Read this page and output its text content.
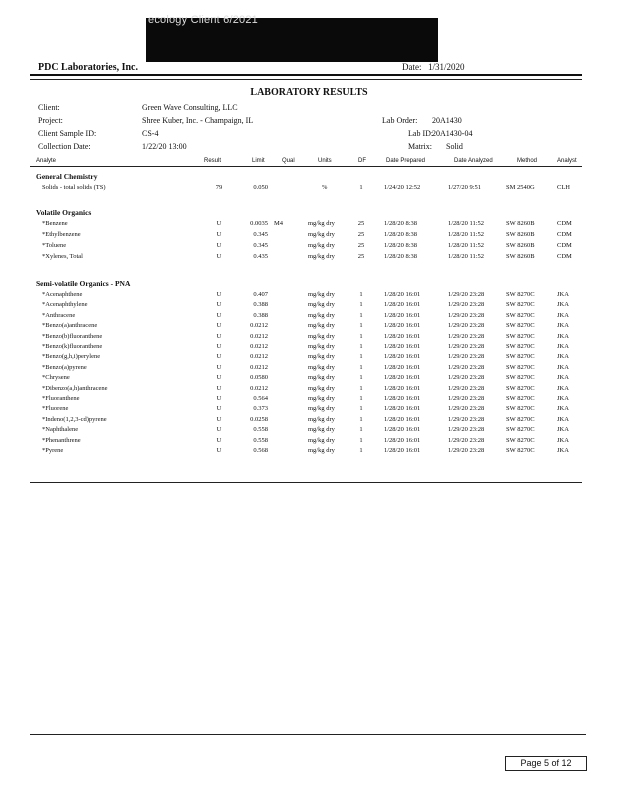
ecology Client 6/2021
PDC Laboratories, Inc.	Date: 1/31/2020
LABORATORY RESULTS
Client:	Green Wave Consulting, LLC
Project:	Shree Kuber, Inc. - Champaign, IL	Lab Order: 20A1430
Client Sample ID:	CS-4	Lab ID:
20A1430-04
Collection Date:	1/22/20 13:00	Matrix: Solid
Analyte	Result	Limit	Qual	Units	DF	Date Prepared	Date Analyzed	Method	Analyst
General Chemistry
Solids - total solids (TS)	79	0.050	%	1	1/24/20 12:52	1/27/20 9:51	SM 2540G	CLH
Volatile Organics
*Benzene	U	0.0035 M4	mg/kg dry	25	1/28/20 8:38	1/28/20 11:52	SW 8260B	CDM
*Ethylbenzene	U	0.345	mg/kg dry	25	1/28/20 8:38	1/28/20 11:52	SW 8260B	CDM
*Toluene	U	0.345	mg/kg dry	25	1/28/20 8:38	1/28/20 11:52	SW 8260B	CDM
*Xylenes, Total	U	0.435	mg/kg dry	25	1/28/20 8:38	1/28/20 11:52	SW 8260B	CDM
Semi-volatile Organics - PNA
*Acenaphthene	U	0.407	mg/kg dry	1	1/28/20 16:01	1/29/20 23:28	SW 8270C	JKA
*Acenaphthylene	U	0.388	mg/kg dry	1	1/28/20 16:01	1/29/20 23:28	SW 8270C	JKA
*Anthracene	U	0.388	mg/kg dry	1	1/28/20 16:01	1/29/20 23:28	SW 8270C	JKA
*Benzo(a)anthracene	U	0.0212	mg/kg dry	1	1/28/20 16:01	1/29/20 23:28	SW 8270C	JKA
*Benzo(b)fluoranthene	U	0.0212	mg/kg dry	1	1/28/20 16:01	1/29/20 23:28	SW 8270C	JKA
*Benzo(k)fluoranthene	U	0.0212	mg/kg dry	1	1/28/20 16:01	1/29/20 23:28	SW 8270C	JKA
*Benzo(g,h,i)perylene	U	0.0212	mg/kg dry	1	1/28/20 16:01	1/29/20 23:28	SW 8270C	JKA
*Benzo(a)pyrene	U	0.0212	mg/kg dry	1	1/28/20 16:01	1/29/20 23:28	SW 8270C	JKA
*Chrysene	U	0.0580	mg/kg dry	1	1/28/20 16:01	1/29/20 23:28	SW 8270C	JKA
*Dibenzo(a,h)anthracene	U	0.0212	mg/kg dry	1	1/28/20 16:01	1/29/20 23:28	SW 8270C	JKA
*Fluoranthene	U	0.564	mg/kg dry	1	1/28/20 16:01	1/29/20 23:28	SW 8270C	JKA
*Fluorene	U	0.373	mg/kg dry	1	1/28/20 16:01	1/29/20 23:28	SW 8270C	JKA
*Indeno(1,2,3-cd)pyrene	U	0.0258	mg/kg dry	1	1/28/20 16:01	1/29/20 23:28	SW 8270C	JKA
*Naphthalene	U	0.558	mg/kg dry	1	1/28/20 16:01	1/29/20 23:28	SW 8270C	JKA
*Phenanthrene	U	0.558	mg/kg dry	1	1/28/20 16:01	1/29/20 23:28	SW 8270C	JKA
*Pyrene	U	0.568	mg/kg dry	1	1/28/20 16:01	1/29/20 23:28	SW 8270C	JKA
Page 5 of 12
